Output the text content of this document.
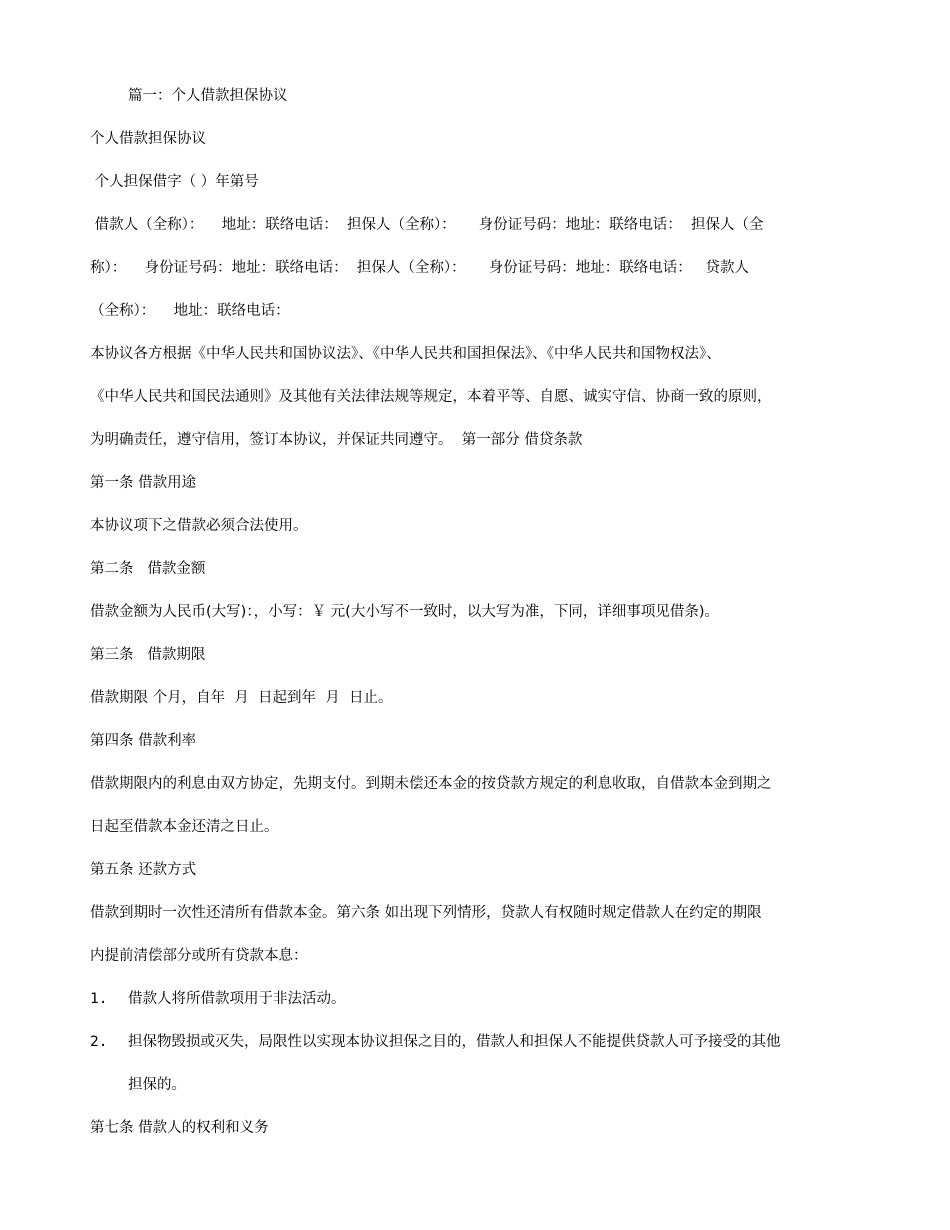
篇一：个人借款担保协议
个人借款担保协议
个人担保借字（ ）年第号
借款人（全称）：    地址：联络电话：  担保人（全称）：     身份证号码：地址：联络电话：  担保人（全
称）：    身份证号码：地址：联络电话：  担保人（全称）：     身份证号码：地址：联络电话：   贷款人
（全称）：    地址：联络电话：
本协议各方根据《中华人民共和国协议法》、《中华人民共和国担保法》、《中华人民共和国物权法》、
《中华人民共和国民法通则》及其他有关法律法规等规定，本着平等、自愿、诚实守信、协商一致的原则，
为明确责任，遵守信用，签订本协议，并保证共同遵守。  第一部分 借贷条款
第一条 借款用途
本协议项下之借款必须合法使用。
第二条   借款金额
借款金额为人民币(大写)：，小写：￥ 元(大小写不一致时，以大写为准，下同，详细事项见借条)。
第三条   借款期限
借款期限 个月，自年  月  日起到年  月  日止。
第四条 借款利率
借款期限内的利息由双方协定，先期支付。到期未偿还本金的按贷款方规定的利息收取，自借款本金到期之
日起至借款本金还清之日止。
第五条 还款方式
借款到期时一次性还清所有借款本金。第六条 如出现下列情形，贷款人有权随时规定借款人在约定的期限
内提前清偿部分或所有贷款本息：
1. 借款人将所借款项用于非法活动。
2. 担保物毁损或灭失，局限性以实现本协议担保之目的，借款人和担保人不能提供贷款人可予接受的其他
担保的。
第七条 借款人的权利和义务
